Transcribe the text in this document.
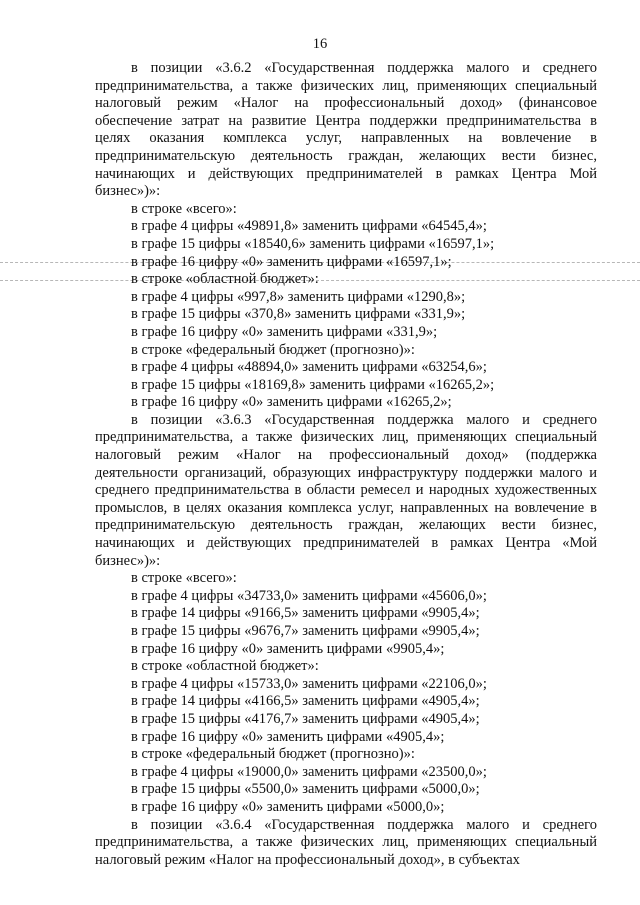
16

в позиции «3.6.2 «Государственная поддержка малого и среднего предпринимательства, а также физических лиц, применяющих специальный налоговый режим «Налог на профессиональный доход» (финансовое обеспечение затрат на развитие Центра поддержки предпринимательства в целях оказания комплекса услуг, направленных на вовлечение в предпринимательскую деятельность граждан, желающих вести бизнес, начинающих и действующих предпринимателей в рамках Центра Мой бизнес»)»:

в строке «всего»:

в графе 4 цифры «49891,8» заменить цифрами «64545,4»;

в графе 15 цифры «18540,6» заменить цифрами «16597,1»;

в графе 16 цифру «0» заменить цифрами «16597,1»;

в строке «областной бюджет»:

в графе 4 цифры «997,8» заменить цифрами «1290,8»;

в графе 15 цифры «370,8» заменить цифрами «331,9»;

в графе 16 цифру «0» заменить цифрами «331,9»;

в строке «федеральный бюджет (прогнозно)»:

в графе 4 цифры «48894,0» заменить цифрами «63254,6»;

в графе 15 цифры «18169,8» заменить цифрами «16265,2»;

в графе 16 цифру «0» заменить цифрами «16265,2»;

в позиции «3.6.3 «Государственная поддержка малого и среднего предпринимательства, а также физических лиц, применяющих специальный налоговый режим «Налог на профессиональный доход» (поддержка деятельности организаций, образующих инфраструктуру поддержки малого и среднего предпринимательства в области ремесел и народных художественных промыслов, в целях оказания комплекса услуг, направленных на вовлечение в предпринимательскую деятельность граждан, желающих вести бизнес, начинающих и действующих предпринимателей в рамках Центра «Мой бизнес»)»:

в строке «всего»:

в графе 4 цифры «34733,0» заменить цифрами «45606,0»;

в графе 14 цифры «9166,5» заменить цифрами «9905,4»;

в графе 15 цифры «9676,7» заменить цифрами «9905,4»;

в графе 16 цифру «0» заменить цифрами «9905,4»;

в строке «областной бюджет»:

в графе 4 цифры «15733,0» заменить цифрами «22106,0»;

в графе 14 цифры «4166,5» заменить цифрами «4905,4»;

в графе 15 цифры «4176,7» заменить цифрами «4905,4»;

в графе 16 цифру «0» заменить цифрами «4905,4»;

в строке «федеральный бюджет (прогнозно)»:

в графе 4 цифры «19000,0» заменить цифрами «23500,0»;

в графе 15 цифры «5500,0» заменить цифрами «5000,0»;

в графе 16 цифру «0» заменить цифрами «5000,0»;

в позиции «3.6.4 «Государственная поддержка малого и среднего предпринимательства, а также физических лиц, применяющих специальный налоговый режим «Налог на профессиональный доход», в субъектах
